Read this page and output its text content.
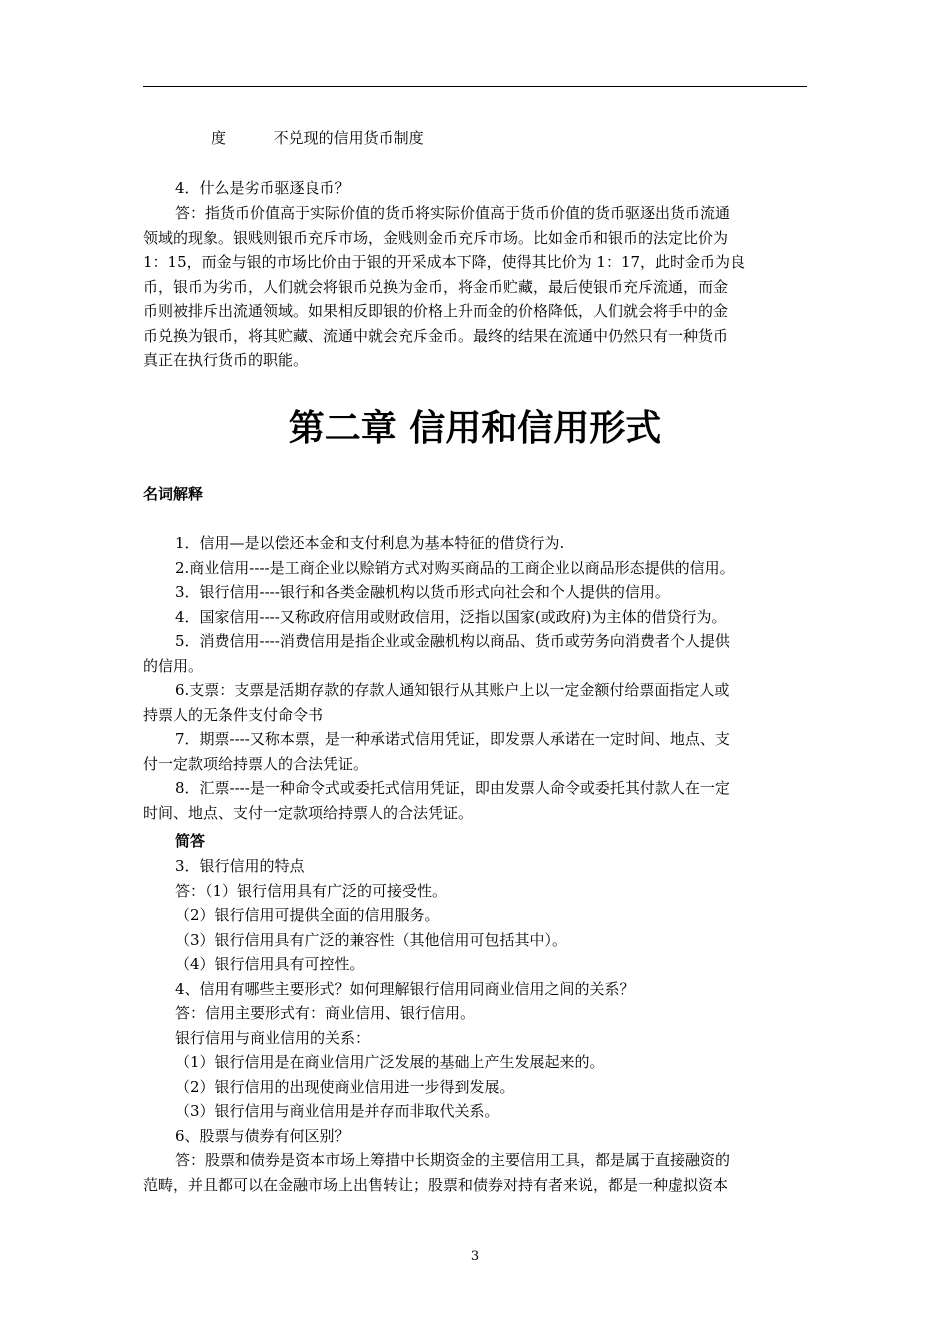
度	不兑现的信用货币制度
4．什么是劣币驱逐良币？
答：指货币价值高于实际价值的货币将实际价值高于货币价值的货币驱逐出货币流通
领域的现象。银贱则银币充斥市场，金贱则金币充斥市场。比如金币和银币的法定比价为
1：15，而金与银的市场比价由于银的开采成本下降，使得其比价为 1：17，此时金币为良
币，银币为劣币，人们就会将银币兑换为金币，将金币贮藏，最后使银币充斥流通，而金
币则被排斥出流通领域。如果相反即银的价格上升而金的价格降低，人们就会将手中的金
币兑换为银币，将其贮藏、流通中就会充斥金币。最终的结果在流通中仍然只有一种货币
真正在执行货币的职能。
第二章 信用和信用形式
名词解释
1．信用—是以偿还本金和支付利息为基本特征的借贷行为.
2.商业信用----是工商企业以赊销方式对购买商品的工商企业以商品形态提供的信用。
3．银行信用----银行和各类金融机构以货币形式向社会和个人提供的信用。
4．国家信用----又称政府信用或财政信用，泛指以国家(或政府)为主体的借贷行为。
5．消费信用----消费信用是指企业或金融机构以商品、货币或劳务向消费者个人提供
的信用。
6.支票：支票是活期存款的存款人通知银行从其账户上以一定金额付给票面指定人或
持票人的无条件支付命令书
7．期票----又称本票，是一种承诺式信用凭证，即发票人承诺在一定时间、地点、支
付一定款项给持票人的合法凭证。
8．汇票----是一种命令式或委托式信用凭证，即由发票人命令或委托其付款人在一定
时间、地点、支付一定款项给持票人的合法凭证。
简答
3．银行信用的特点
答：（1）银行信用具有广泛的可接受性。
（2）银行信用可提供全面的信用服务。
（3）银行信用具有广泛的兼容性（其他信用可包括其中）。
（4）银行信用具有可控性。
4、信用有哪些主要形式？如何理解银行信用同商业信用之间的关系？
答：信用主要形式有：商业信用、银行信用。
银行信用与商业信用的关系：
（1）银行信用是在商业信用广泛发展的基础上产生发展起来的。
（2）银行信用的出现使商业信用进一步得到发展。
（3）银行信用与商业信用是并存而非取代关系。
6、股票与债券有何区别？
答：股票和债券是资本市场上筹措中长期资金的主要信用工具，都是属于直接融资的
范畴，并且都可以在金融市场上出售转让；股票和债券对持有者来说，都是一种虚拟资本
3
